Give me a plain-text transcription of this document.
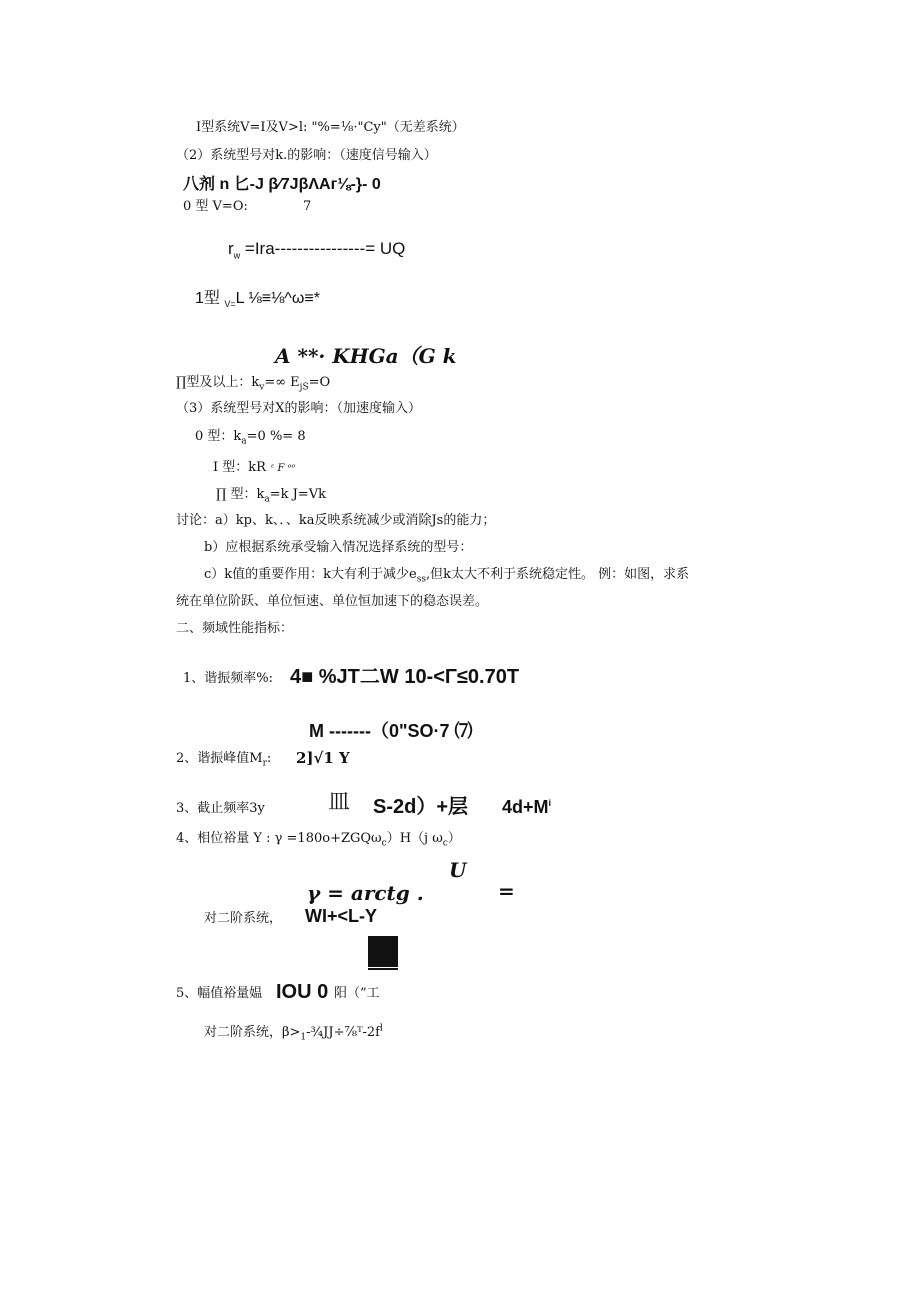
I型系统V=I及V>l: "%=⅛·"Cy"（无差系统）
（2）系统型号对k.的影响：（速度信号输入）
八剂 n 匕-J β⁄7JβΛAᴦ⅛-}- 0
0 型 V=O:	7
$r_w =Ira----------------=$ UQ
1型 $_{V=}$L ⅛≡⅛^ω≡*
A **· KHGa（G k
∏型及以上：$k_v=\infty$ $E_{jS}=O$
（3）系统型号对X的影响：（加速度输入）
0 型：$k_a=0$ %= 8
I 型：kR ᵋ F ᵒᵒ
∏ 型：$k_a=k$ J=Vk
讨论：a）kp、k、．、ka反映系统减少或消除Js的能力；
b）应根据系统承受输入情况选择系统的型号：
c）k值的重要作用：k大有利于减少$e_{ss}$,但k太大不利于系统稳定性。 例：如图，求系
统在单位阶跃、单位恒速、单位恒加速下的稳态误差。
二、频域性能指标：
1、谐振频率%: 4■ %JT二W 10-<Γ≤0.70T
M -------（0"SO·7 ⑺
2、谐振峰值$M_r$: 2]√1 Y
3、截止频率3y	皿 S-2d）+层 $4d+M^i$
4、相位裕量 Y : γ =180o+ZGQω$_c$）H（j $\omega_c$）
U
γ = arctg .	=
对二阶系统， WI+<L-Y
5、幅值裕量媪 IOU 0 阳（”工
对二阶系统，$\beta>_1-\frac{3}{4}JJ\div\frac{7}{8}ᵀ-2f^l$
